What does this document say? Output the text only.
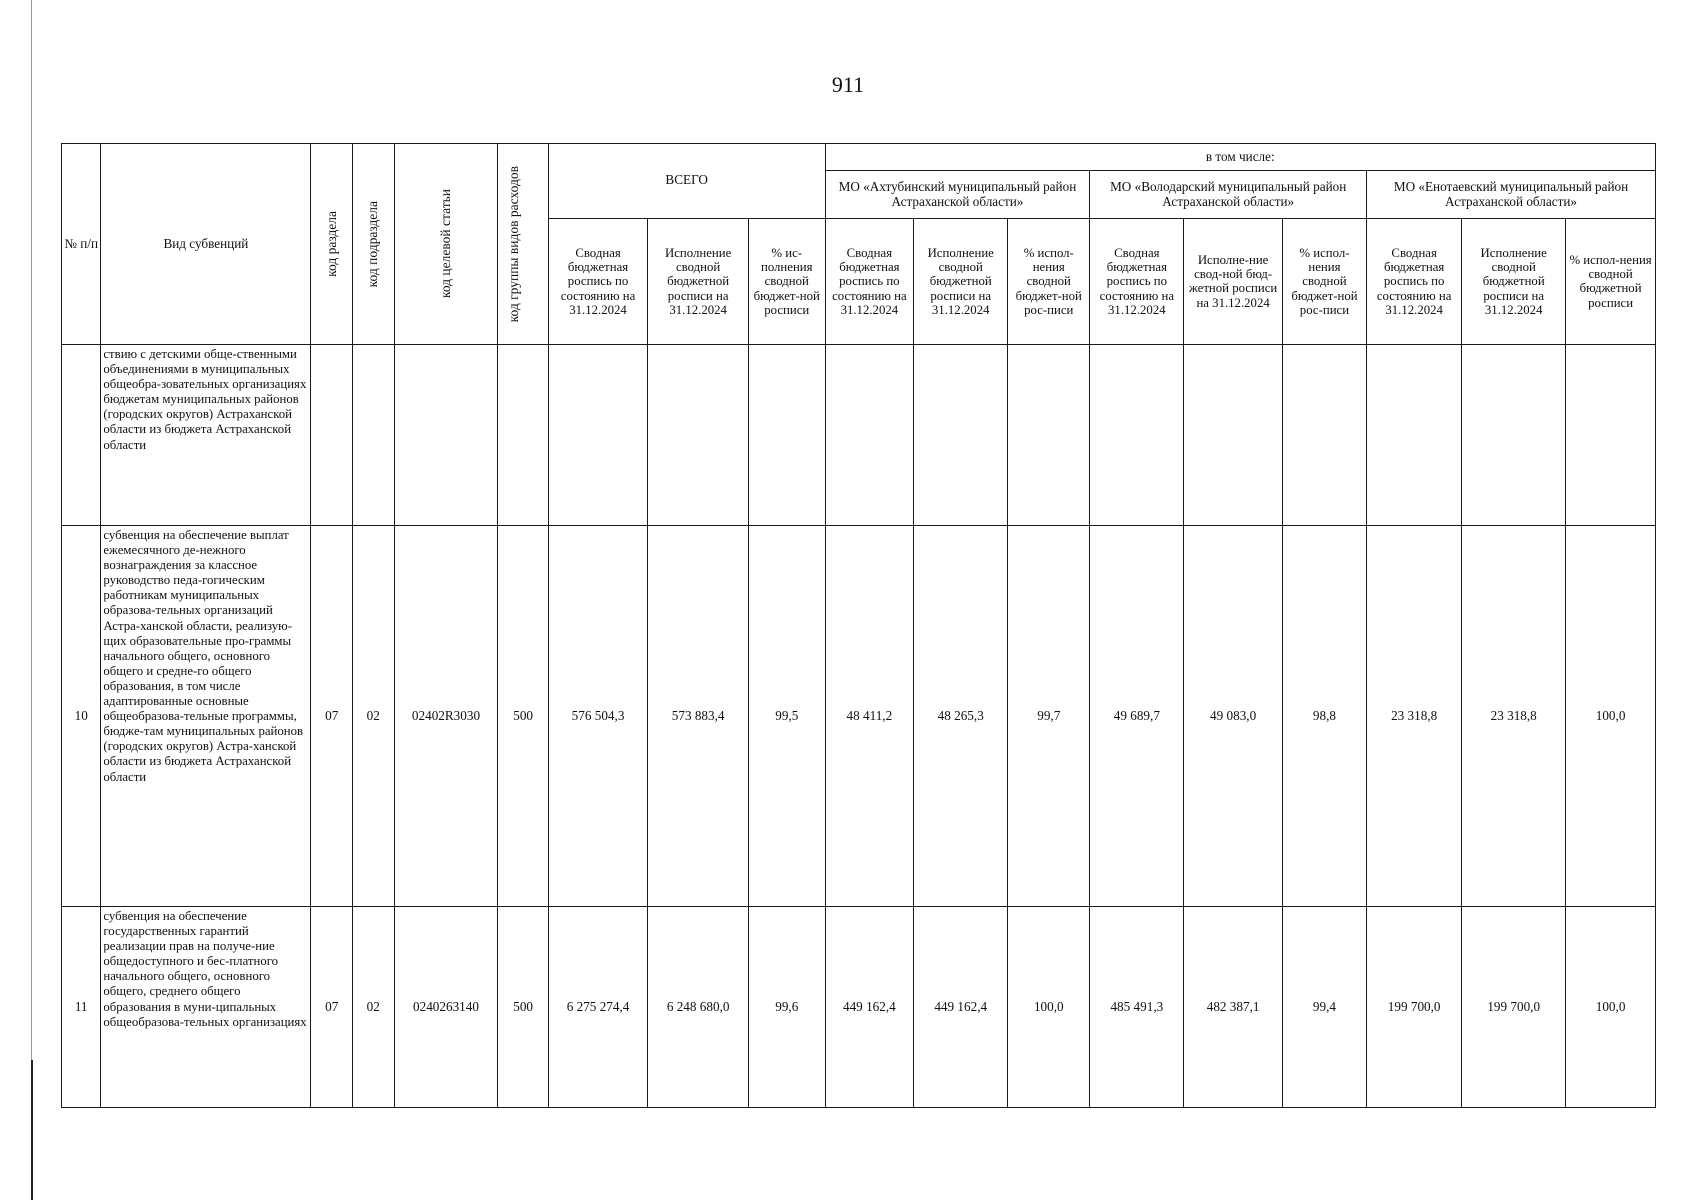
911
№ п/п	Вид субвенций	код раздела	код подраздела	код целевой статьи	код группы видов расходов	ВСЕГО			в том числе:								
									МО «Ахтубинский муниципальный район Астраханской области»			МО «Володарский муниципальный район Астраханской области»			МО «Енотаевский муниципальный район Астраханской области»		
						Сводная бюджетная роспись по состоянию на 31.12.2024	Исполнение сводной бюджетной росписи на 31.12.2024	% ис-полнения сводной бюджет-ной росписи	Сводная бюджетная роспись по состоянию на 31.12.2024	Исполнение сводной бюджетной росписи на 31.12.2024	% испол-нения сводной бюджет-ной рос-писи	Сводная бюджетная роспись по состоянию на 31.12.2024	Исполне-ние свод-ной бюд-жетной росписи на 31.12.2024	% испол-нения сводной бюджет-ной рос-писи	Сводная бюджетная роспись по состоянию на 31.12.2024	Исполнение сводной бюджетной росписи на 31.12.2024	% испол-нения сводной бюджетной росписи
	ствию с детскими обще-ственными объединениями в муниципальных общеобра-зовательных организациях бюджетам муниципальных районов (городских округов) Астраханской области из бюджета Астраханской области																
10	субвенция на обеспечение выплат ежемесячного де-нежного вознаграждения за классное руководство педа-гогическим работникам муниципальных образова-тельных организаций Астра-ханской области, реализую-щих образовательные про-граммы начального общего, основного общего и средне-го общего образования, в том числе адаптированные основные общеобразова-тельные программы, бюдже-там муниципальных районов (городских округов) Астра-ханской области из бюджета Астраханской области	07	02	02402R3030	500	576 504,3	573 883,4	99,5	48 411,2	48 265,3	99,7	49 689,7	49 083,0	98,8	23 318,8	23 318,8	100,0
11	субвенция на обеспечение государственных гарантий реализации прав на получе-ние общедоступного и бес-платного начального общего, основного общего, среднего общего образования в муни-ципальных общеобразова-тельных организациях	07	02	0240263140	500	6 275 274,4	6 248 680,0	99,6	449 162,4	449 162,4	100,0	485 491,3	482 387,1	99,4	199 700,0	199 700,0	100,0
